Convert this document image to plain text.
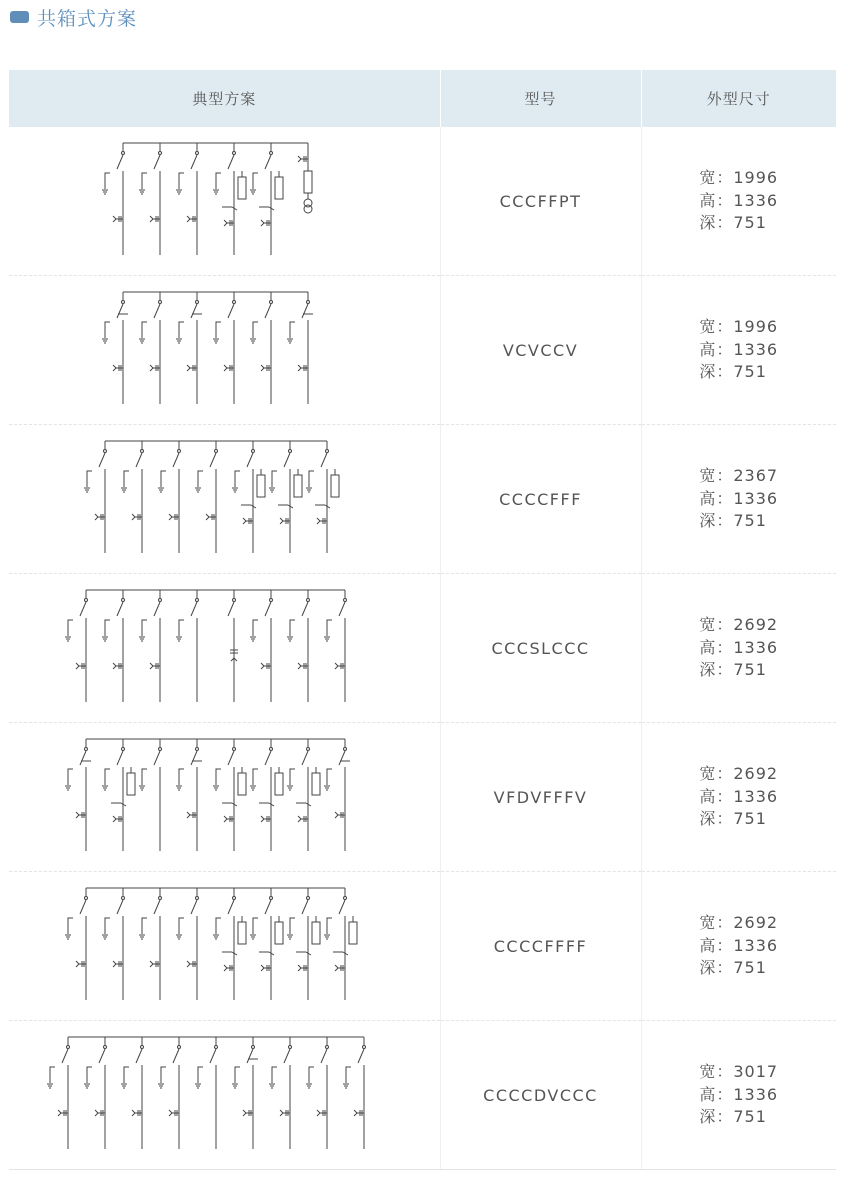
共箱式方案
典型方案	型号	外型尺寸

	CCCFFPT	宽：1996
高：1336
深：751

	VCVCCV	宽：1996
高：1336
深：751

	CCCCFFF	宽：2367
高：1336
深：751

	CCCSLCCC	宽：2692
高：1336
深：751

	VFDVFFFV	宽：2692
高：1336
深：751

	CCCCFFFF	宽：2692
高：1336
深：751

	CCCCDVCCC	宽：3017
高：1336
深：751
